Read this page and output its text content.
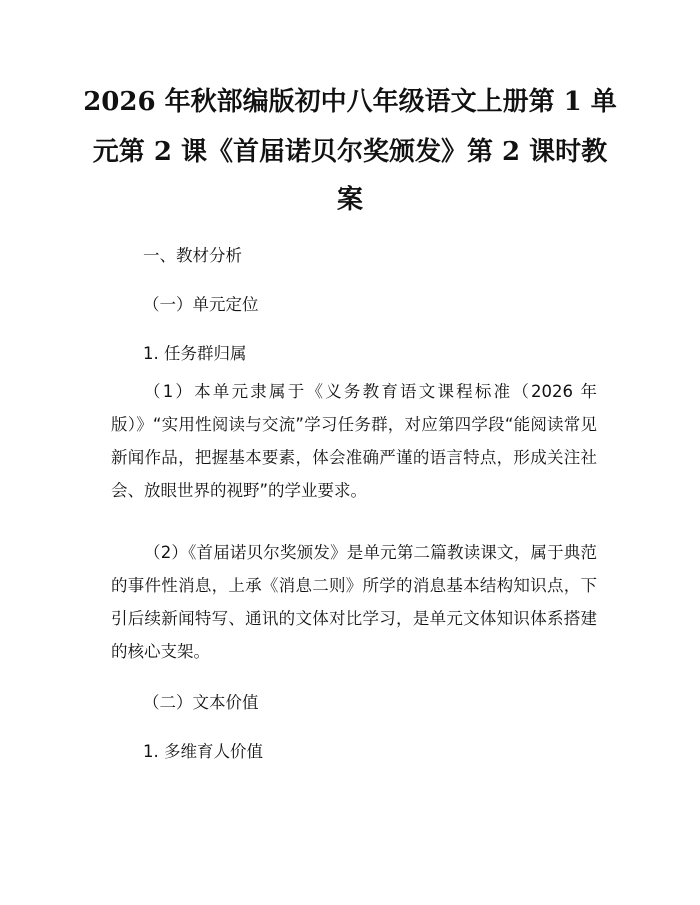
2026 年秋部编版初中八年级语文上册第 1 单
元第 2 课《首届诺贝尔奖颁发》第 2 课时教
案
一、教材分析
（一）单元定位
1. 任务群归属
（1）本单元隶属于《义务教育语文课程标准（2026 年版）》“实用性阅读与交流”学习任务群，对应第四学段“能阅读常见新闻作品，把握基本要素，体会准确严谨的语言特点，形成关注社会、放眼世界的视野”的学业要求。
（2）《首届诺贝尔奖颁发》是单元第二篇教读课文，属于典范的事件性消息，上承《消息二则》所学的消息基本结构知识点，下引后续新闻特写、通讯的文体对比学习，是单元文体知识体系搭建的核心支架。
（二）文本价值
1. 多维育人价值
